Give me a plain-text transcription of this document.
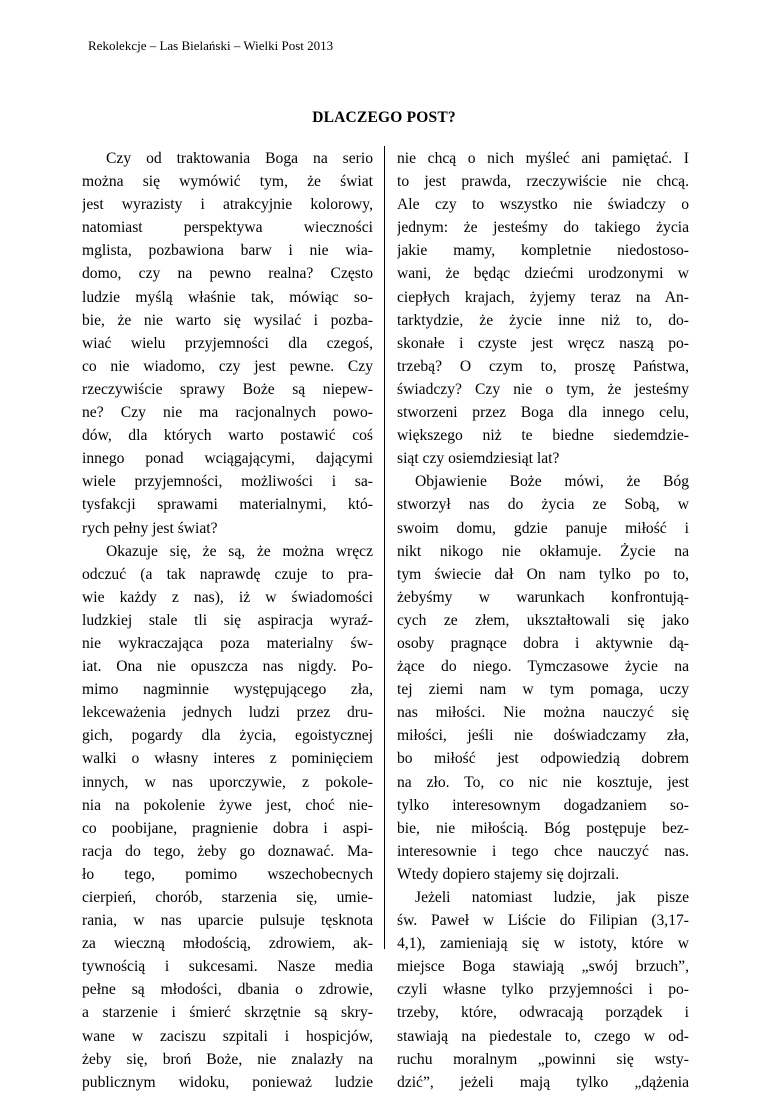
Rekolekcje – Las Bielański – Wielki Post 2013
DLACZEGO POST?
Czy od traktowania Boga na serio
można się wymówić tym, że świat
jest wyrazisty i atrakcyjnie kolorowy,
natomiast perspektywa wieczności
mglista, pozbawiona barw i nie wia-
domo, czy na pewno realna? Często
ludzie myślą właśnie tak, mówiąc so-
bie, że nie warto się wysilać i pozba-
wiać wielu przyjemności dla czegoś,
co nie wiadomo, czy jest pewne. Czy
rzeczywiście sprawy Boże są niepew-
ne? Czy nie ma racjonalnych powo-
dów, dla których warto postawić coś
innego ponad wciągającymi, dającymi
wiele przyjemności, możliwości i sa-
tysfakcji sprawami materialnymi, któ-
rych pełny jest świat?
Okazuje się, że są, że można wręcz
odczuć (a tak naprawdę czuje to pra-
wie każdy z nas), iż w świadomości
ludzkiej stale tli się aspiracja wyraź-
nie wykraczająca poza materialny św-
iat. Ona nie opuszcza nas nigdy. Po-
mimo nagminnie występującego zła,
lekceważenia jednych ludzi przez dru-
gich, pogardy dla życia, egoistycznej
walki o własny interes z pominięciem
innych, w nas uporczywie, z pokole-
nia na pokolenie żywe jest, choć nie-
co poobijane, pragnienie dobra i aspi-
racja do tego, żeby go doznawać. Ma-
ło tego, pomimo wszechobecnych
cierpień, chorób, starzenia się, umie-
rania, w nas uparcie pulsuje tęsknota
za wieczną młodością, zdrowiem, ak-
tywnością i sukcesami. Nasze media
pełne są młodości, dbania o zdrowie,
a starzenie i śmierć skrzętnie są skry-
wane w zaciszu szpitali i hospicjów,
żeby się, broń Boże, nie znalazły na
publicznym widoku, ponieważ ludzie
nie chcą o nich myśleć ani pamiętać. I
to jest prawda, rzeczywiście nie chcą.
Ale czy to wszystko nie świadczy o
jednym: że jesteśmy do takiego życia
jakie mamy, kompletnie niedostoso-
wani, że będąc dziećmi urodzonymi w
ciepłych krajach, żyjemy teraz na An-
tarktydzie, że życie inne niż to, do-
skonałe i czyste jest wręcz naszą po-
trzebą? O czym to, proszę Państwa,
świadczy? Czy nie o tym, że jesteśmy
stworzeni przez Boga dla innego celu,
większego niż te biedne siedemdzie-
siąt czy osiemdziesiąt lat?
Objawienie Boże mówi, że Bóg
stworzył nas do życia ze Sobą, w
swoim domu, gdzie panuje miłość i
nikt nikogo nie okłamuje. Życie na
tym świecie dał On nam tylko po to,
żebyśmy w warunkach konfrontują-
cych ze złem, ukształtowali się jako
osoby pragnące dobra i aktywnie dą-
żące do niego. Tymczasowe życie na
tej ziemi nam w tym pomaga, uczy
nas miłości. Nie można nauczyć się
miłości, jeśli nie doświadczamy zła,
bo miłość jest odpowiedzią dobrem
na zło. To, co nic nie kosztuje, jest
tylko interesownym dogadzaniem so-
bie, nie miłością. Bóg postępuje bez-
interesownie i tego chce nauczyć nas.
Wtedy dopiero stajemy się dojrzali.
Jeżeli natomiast ludzie, jak pisze
św. Paweł w Liście do Filipian (3,17-
4,1), zamieniają się w istoty, które w
miejsce Boga stawiają „swój brzuch”,
czyli własne tylko przyjemności i po-
trzeby, które, odwracają porządek i
stawiają na piedestale to, czego w od-
ruchu moralnym „powinni się wsty-
dzić”, jeżeli mają tylko „dążenia
